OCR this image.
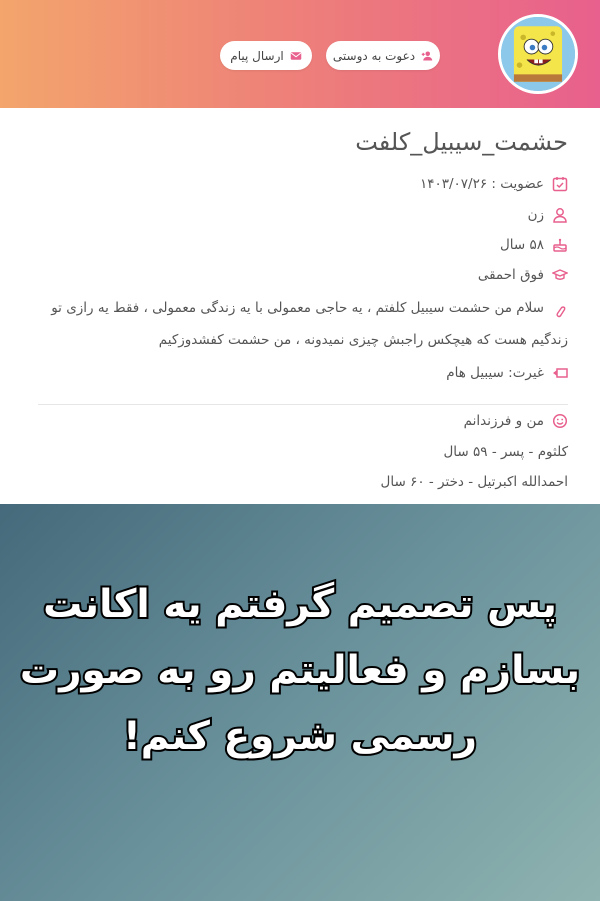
دعوت به دوستی
ارسال پیام
حشمت_سیبیل_کلفت
عضویت : ۱۴۰۳/۰۷/۲۶
زن
۵۸ سال
فوق احمقی
سلام من حشمت سیبیل کلفتم ، یه حاجی معمولی با یه زندگی معمولی ، فقط یه رازی تو زندگیم هست که هیچکس راجبش چیزی نمیدونه ، من حشمت کفشدوزکیم
غیرت: سیبیل هام
من و فرزندانم
کلثوم - پسر - ۵۹ سال
احمدالله اکبرتیل - دختر - ۶۰ سال
پس تصمیم گرفتم یه اکانت بسازم و فعالیتم رو به صورت رسمی شروع کنم!
